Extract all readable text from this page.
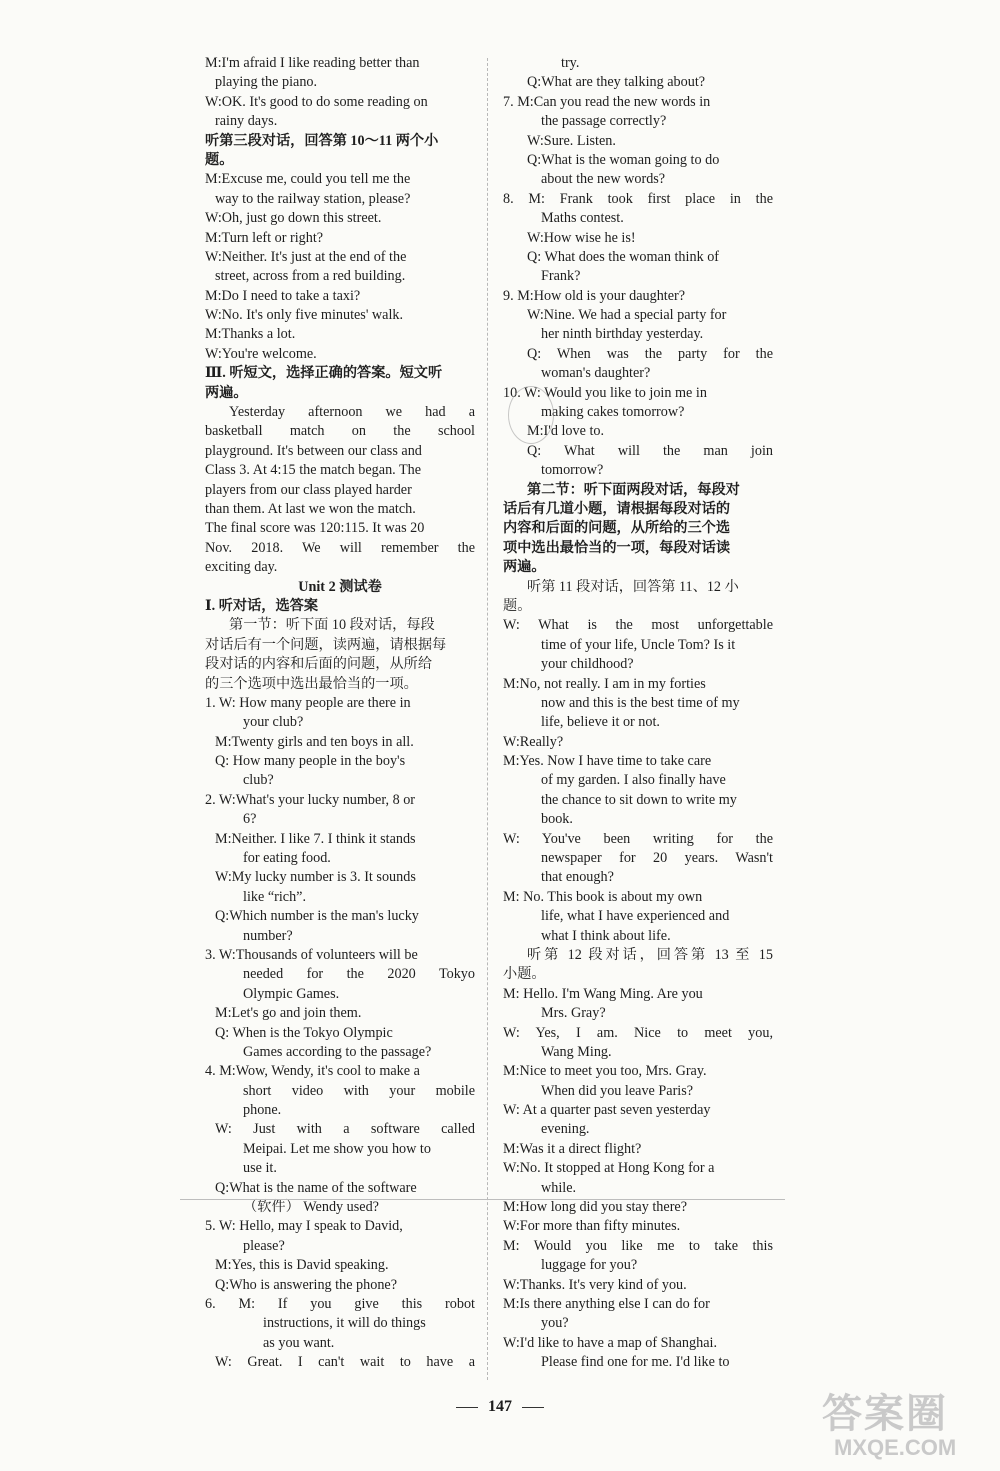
M:I'm afraid I like reading better than
playing the piano.
W:OK. It's good to do some reading on
rainy days.
听第三段对话，回答第 10～11 两个小
题。
M:Excuse me, could you tell me the
way to the railway station, please?
W:Oh, just go down this street.
M:Turn left or right?
W:Neither. It's just at the end of the
street, across from a red building.
M:Do I need to take a taxi?
W:No. It's only five minutes' walk.
M:Thanks a lot.
W:You're welcome.
Ⅲ. 听短文，选择正确的答案。短文听
两遍。
Yesterday afternoon we had a
basketball match on the school
playground. It's between our class and
Class 3. At 4:15 the match began. The
players from our class played harder
than them. At last we won the match.
The final score was 120:115. It was 20
Nov. 2018. We will remember the
exciting day.
Unit 2 测试卷
Ⅰ. 听对话，选答案
第一节：听下面 10 段对话，每段
对话后有一个问题，读两遍，请根据每
段对话的内容和后面的问题，从所给
的三个选项中选出最恰当的一项。
1. W: How many people are there in
your club?
M:Twenty girls and ten boys in all.
Q: How many people in the boy's
club?
2. W:What's your lucky number, 8 or
6?
M:Neither. I like 7. I think it stands
for eating food.
W:My lucky number is 3. It sounds
like “rich”.
Q:Which number is the man's lucky
number?
3. W:Thousands of volunteers will be
needed for the 2020 Tokyo
Olympic Games.
M:Let's go and join them.
Q: When is the Tokyo Olympic
Games according to the passage?
4. M:Wow, Wendy, it's cool to make a
short video with your mobile
phone.
W: Just with a software called
Meipai. Let me show you how to
use it.
Q:What is the name of the software
（软件） Wendy used?
5. W: Hello, may I speak to David,
please?
M:Yes, this is David speaking.
Q:Who is answering the phone?
6. M: If you give this robot
instructions, it will do things
as you want.
W: Great. I can't wait to have a
try.
Q:What are they talking about?
7. M:Can you read the new words in
the passage correctly?
W:Sure. Listen.
Q:What is the woman going to do
about the new words?
8. M: Frank took first place in the
Maths contest.
W:How wise he is!
Q: What does the woman think of
Frank?
9. M:How old is your daughter?
W:Nine. We had a special party for
her ninth birthday yesterday.
Q: When was the party for the
woman's daughter?
10. W: Would you like to join me in
making cakes tomorrow?
M:I'd love to.
Q: What will the man join
tomorrow?
第二节：听下面两段对话，每段对
话后有几道小题，请根据每段对话的
内容和后面的问题，从所给的三个选
项中选出最恰当的一项，每段对话读
两遍。
听第 11 段对话，回答第 11、12 小
题。
W: What is the most unforgettable
time of your life, Uncle Tom? Is it
your childhood?
M:No, not really. I am in my forties
now and this is the best time of my
life, believe it or not.
W:Really?
M:Yes. Now I have time to take care
of my garden. I also finally have
the chance to sit down to write my
book.
W: You've been writing for the
newspaper for 20 years. Wasn't
that enough?
M: No. This book is about my own
life, what I have experienced and
what I think about life.
听第 12 段对话，回答第 13 至 15
小题。
M: Hello. I'm Wang Ming. Are you
Mrs. Gray?
W: Yes, I am. Nice to meet you,
Wang Ming.
M:Nice to meet you too, Mrs. Gray.
When did you leave Paris?
W: At a quarter past seven yesterday
evening.
M:Was it a direct flight?
W:No. It stopped at Hong Kong for a
while.
M:How long did you stay there?
W:For more than fifty minutes.
M: Would you like me to take this
luggage for you?
W:Thanks. It's very kind of you.
M:Is there anything else I can do for
you?
W:I'd like to have a map of Shanghai.
Please find one for me. I'd like to
147	答案圈
MXQE.COM
